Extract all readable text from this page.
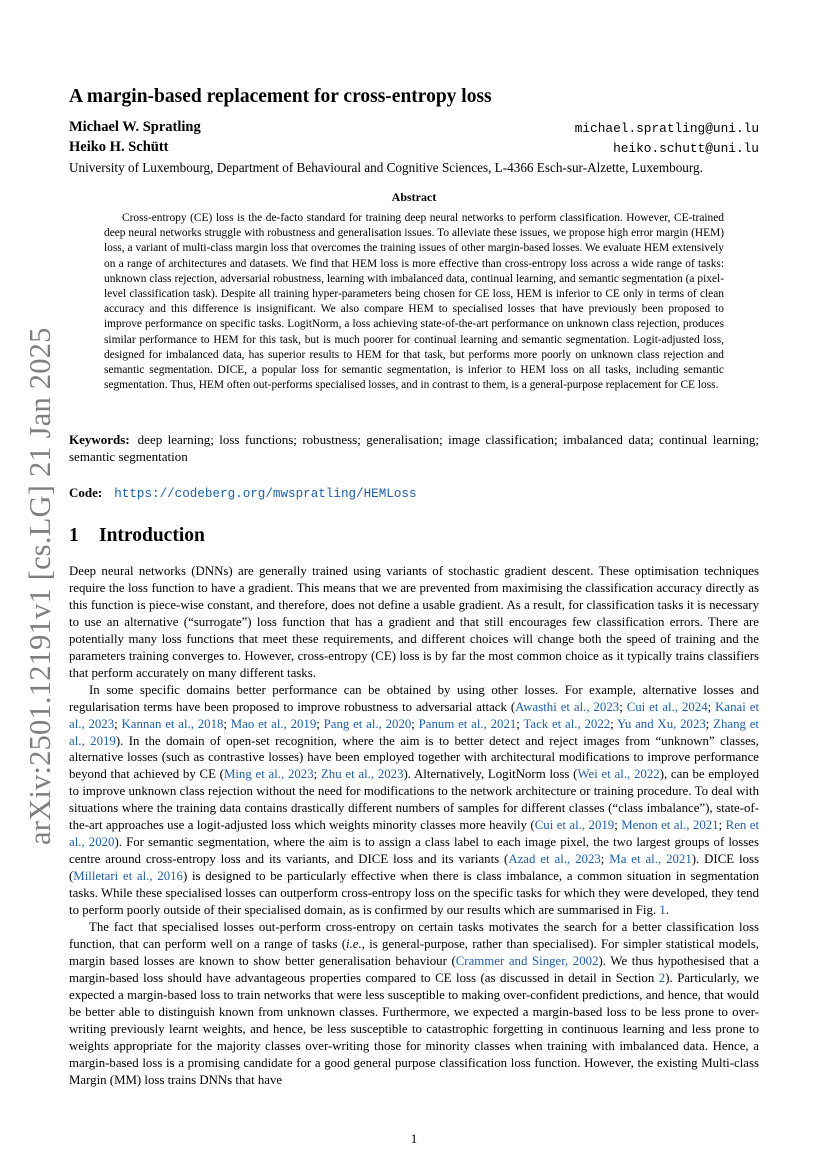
arXiv:2501.12191v1 [cs.LG] 21 Jan 2025
A margin-based replacement for cross-entropy loss
Michael W. Spratling	michael.spratling@uni.lu
Heiko H. Schütt	heiko.schutt@uni.lu
University of Luxembourg, Department of Behavioural and Cognitive Sciences, L-4366 Esch-sur-Alzette, Luxembourg.
Abstract

Cross-entropy (CE) loss is the de-facto standard for training deep neural networks to perform classification. However, CE-trained deep neural networks struggle with robustness and generalisation issues. To alleviate these issues, we propose high error margin (HEM) loss, a variant of multi-class margin loss that overcomes the training issues of other margin-based losses. We evaluate HEM extensively on a range of architectures and datasets. We find that HEM loss is more effective than cross-entropy loss across a wide range of tasks: unknown class rejection, adversarial robustness, learning with imbalanced data, continual learning, and semantic segmentation (a pixel-level classification task). Despite all training hyper-parameters being chosen for CE loss, HEM is inferior to CE only in terms of clean accuracy and this difference is insignificant. We also compare HEM to specialised losses that have previously been proposed to improve performance on specific tasks. LogitNorm, a loss achieving state-of-the-art performance on unknown class rejection, produces similar performance to HEM for this task, but is much poorer for continual learning and semantic segmentation. Logit-adjusted loss, designed for imbalanced data, has superior results to HEM for that task, but performs more poorly on unknown class rejection and semantic segmentation. DICE, a popular loss for semantic segmentation, is inferior to HEM loss on all tasks, including semantic segmentation. Thus, HEM often out-performs specialised losses, and in contrast to them, is a general-purpose replacement for CE loss.

Keywords: deep learning; loss functions; robustness; generalisation; image classification; imbalanced data; continual learning; semantic segmentation

Code: https://codeberg.org/mwspratling/HEMLoss
1 Introduction

Deep neural networks (DNNs) are generally trained using variants of stochastic gradient descent. These optimisation techniques require the loss function to have a gradient. This means that we are prevented from maximising the classification accuracy directly as this function is piece-wise constant, and therefore, does not define a usable gradient. As a result, for classification tasks it is necessary to use an alternative (“surrogate”) loss function that has a gradient and that still encourages few classification errors. There are potentially many loss functions that meet these requirements, and different choices will change both the speed of training and the parameters training converges to. However, cross-entropy (CE) loss is by far the most common choice as it typically trains classifiers that perform accurately on many different tasks.

In some specific domains better performance can be obtained by using other losses. For example, alternative losses and regularisation terms have been proposed to improve robustness to adversarial attack (Awasthi et al., 2023; Cui et al., 2024; Kanai et al., 2023; Kannan et al., 2018; Mao et al., 2019; Pang et al., 2020; Panum et al., 2021; Tack et al., 2022; Yu and Xu, 2023; Zhang et al., 2019). In the domain of open-set recognition, where the aim is to better detect and reject images from “unknown” classes, alternative losses (such as contrastive losses) have been employed together with architectural modifications to improve performance beyond that achieved by CE (Ming et al., 2023; Zhu et al., 2023). Alternatively, LogitNorm loss (Wei et al., 2022), can be employed to improve unknown class rejection without the need for modifications to the network architecture or training procedure. To deal with situations where the training data contains drastically different numbers of samples for different classes (“class imbalance”), state-of-the-art approaches use a logit-adjusted loss which weights minority classes more heavily (Cui et al., 2019; Menon et al., 2021; Ren et al., 2020). For semantic segmentation, where the aim is to assign a class label to each image pixel, the two largest groups of losses centre around cross-entropy loss and its variants, and DICE loss and its variants (Azad et al., 2023; Ma et al., 2021). DICE loss (Milletari et al., 2016) is designed to be particularly effective when there is class imbalance, a common situation in segmentation tasks. While these specialised losses can outperform cross-entropy loss on the specific tasks for which they were developed, they tend to perform poorly outside of their specialised domain, as is confirmed by our results which are summarised in Fig. 1.

The fact that specialised losses out-perform cross-entropy on certain tasks motivates the search for a better classification loss function, that can perform well on a range of tasks (i.e., is general-purpose, rather than specialised). For simpler statistical models, margin based losses are known to show better generalisation behaviour (Crammer and Singer, 2002). We thus hypothesised that a margin-based loss should have advantageous properties compared to CE loss (as discussed in detail in Section 2). Particularly, we expected a margin-based loss to train networks that were less susceptible to making over-confident predictions, and hence, that would be better able to distinguish known from unknown classes. Furthermore, we expected a margin-based loss to be less prone to over-writing previously learnt weights, and hence, be less susceptible to catastrophic forgetting in continuous learning and less prone to weights appropriate for the majority classes over-writing those for minority classes when training with imbalanced data. Hence, a margin-based loss is a promising candidate for a good general purpose classification loss function. However, the existing Multi-class Margin (MM) loss trains DNNs that have

1
